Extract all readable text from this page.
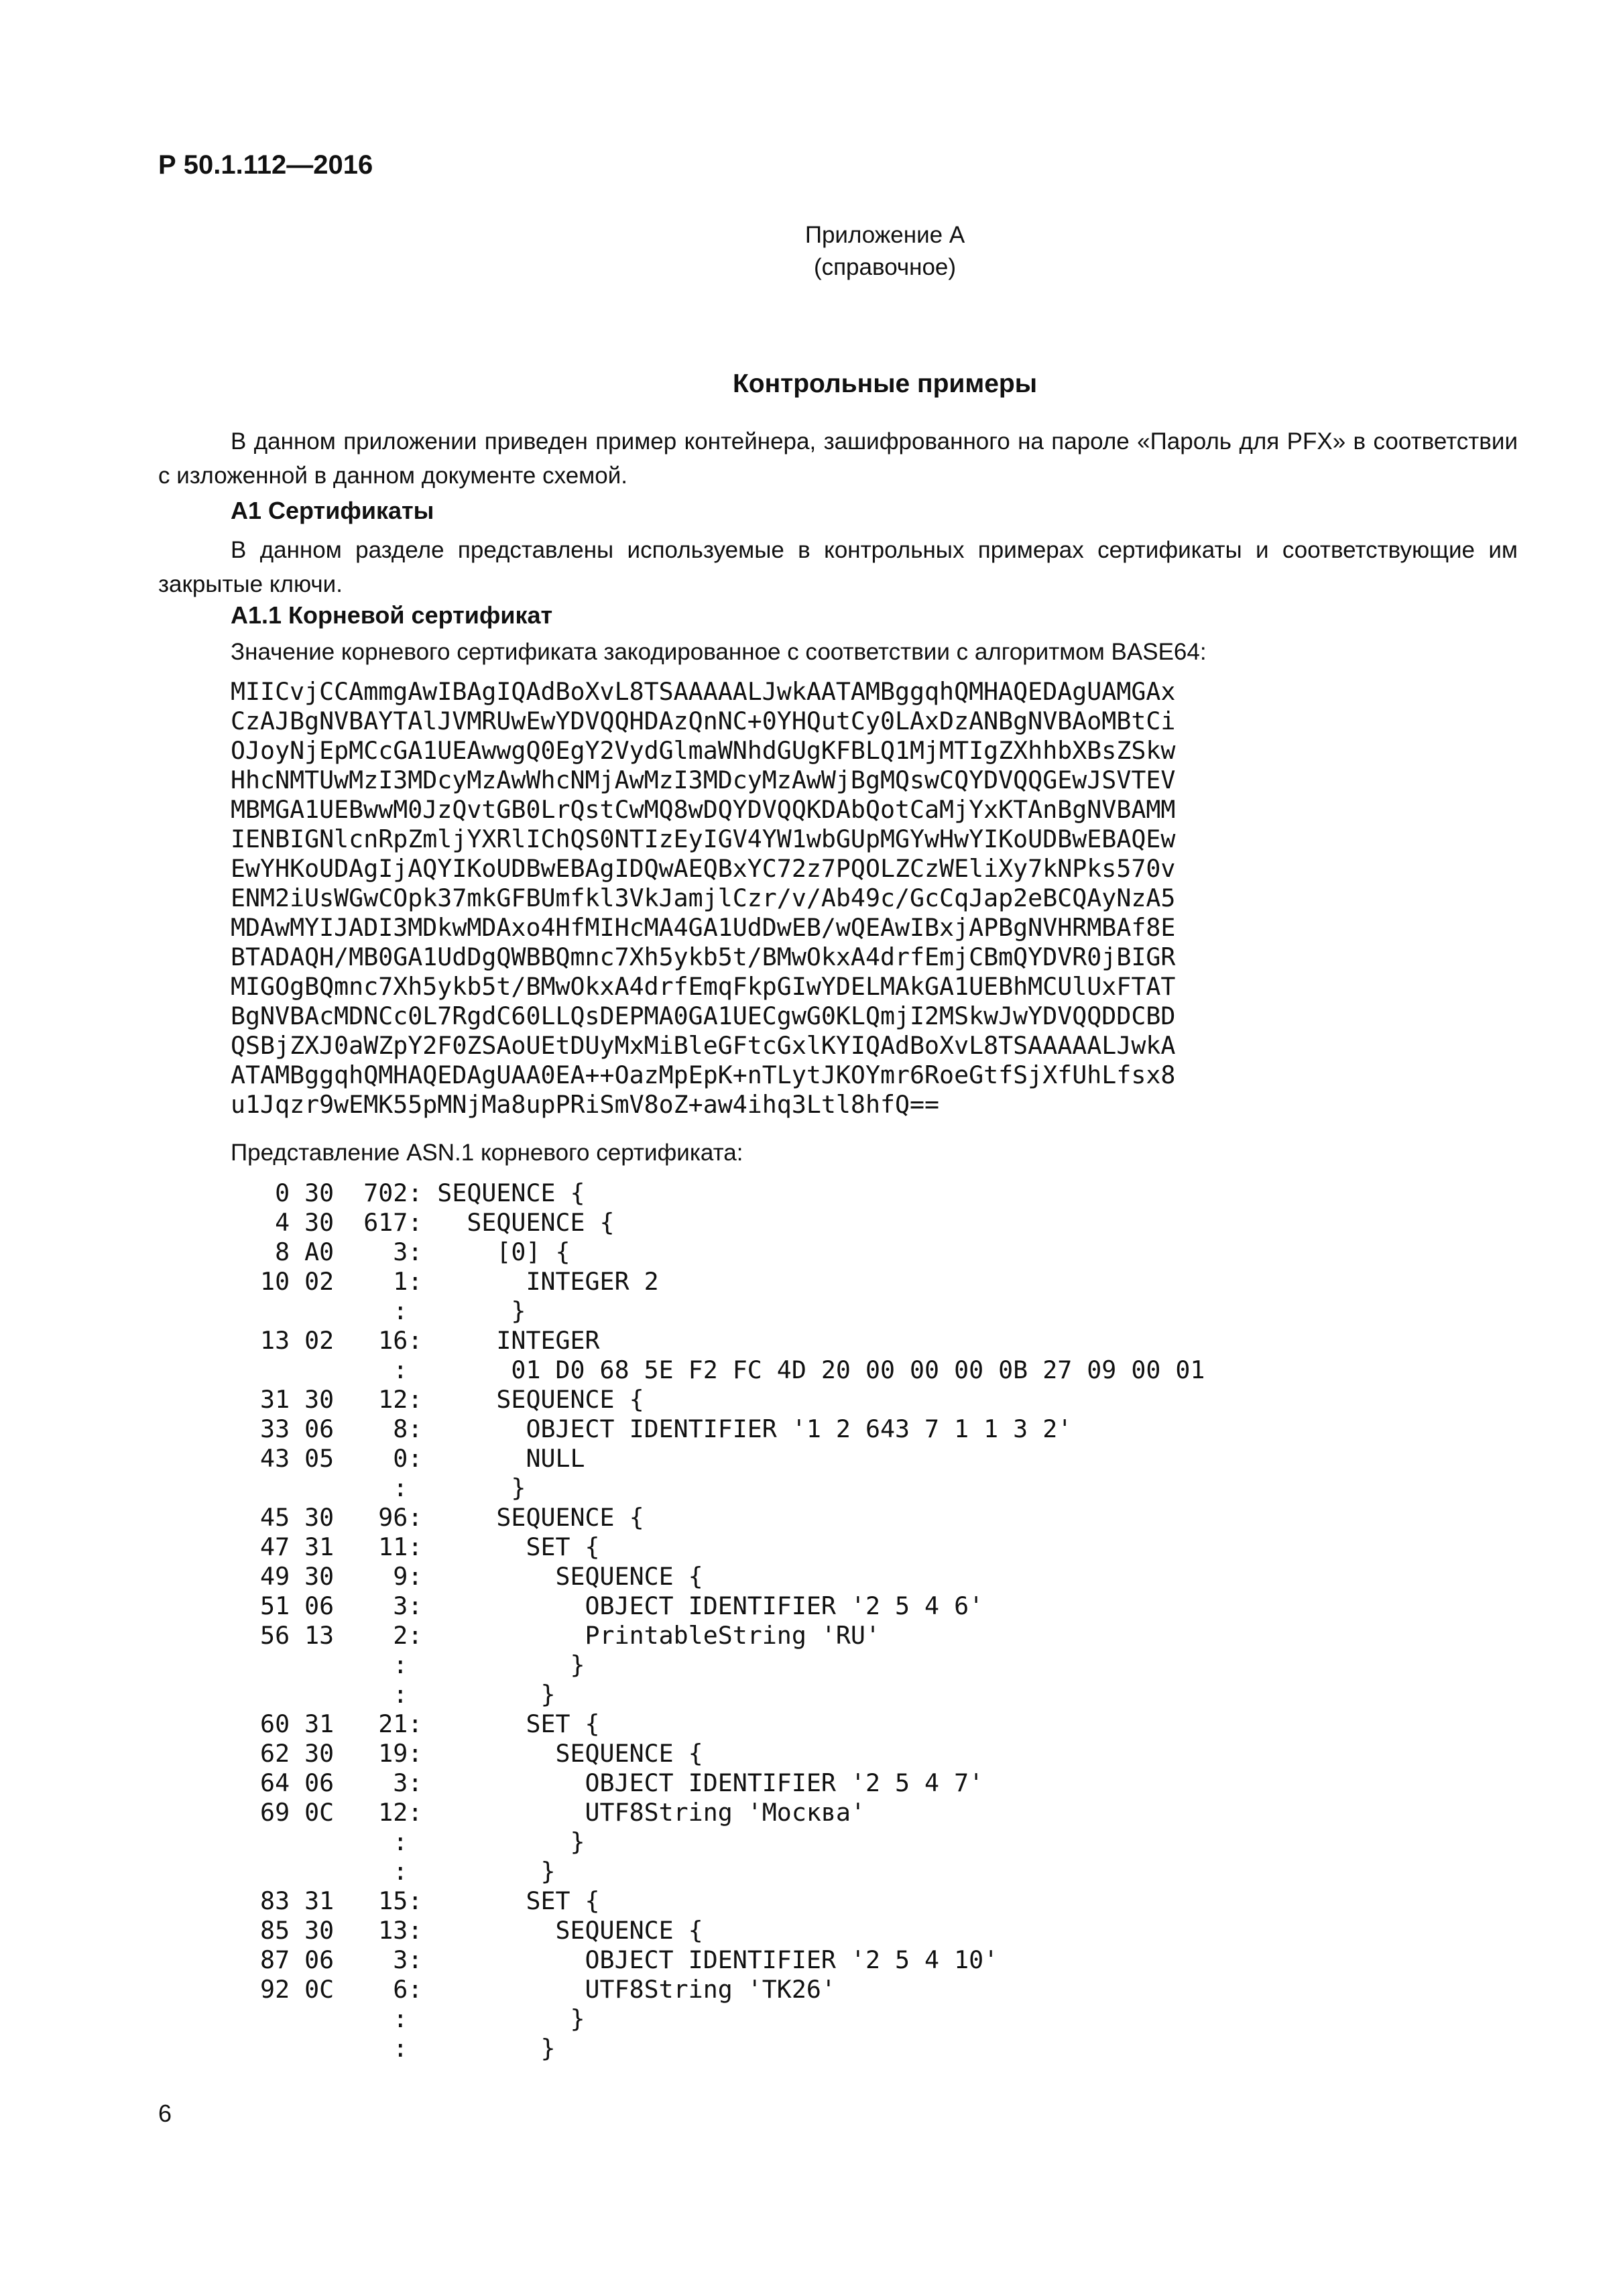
Р 50.1.112—2016

Приложение А

(справочное)

Контрольные примеры

В данном приложении приведен пример контейнера, зашифрованного на пароле «Пароль для PFX» в соответствии с изложенной в данном документе схемой.

А1 Сертификаты

В данном разделе представлены используемые в контрольных примерах сертификаты и соответствующие им закрытые ключи.

А1.1 Корневой сертификат

Значение корневого сертификата закодированное с соответствии с алгоритмом BASE64:

MIICvjCCAmmgAwIBAgIQAdBoXvL8TSAAAAALJwkAATAMBggqhQMHAQEDAgUAMGAx
CzAJBgNVBAYTAlJVMRUwEwYDVQQHDAzQnNC+0YHQutCy0LAxDzANBgNVBAoMBtCi
OJoyNjEpMCcGA1UEAwwgQ0EgY2VydGlmaWNhdGUgKFBLQ1MjMTIgZXhhbXBsZSkw
HhcNMTUwMzI3MDcyMzAwWhcNMjAwMzI3MDcyMzAwWjBgMQswCQYDVQQGEwJSVTEV
MBMGA1UEBwwM0JzQvtGB0LrQstCwMQ8wDQYDVQQKDAbQotCaMjYxKTAnBgNVBAMM
IENBIGNlcnRpZmljYXRlIChQS0NTIzEyIGV4YW1wbGUpMGYwHwYIKoUDBwEBAQEw
EwYHKoUDAgIjAQYIKoUDBwEBAgIDQwAEQBxYC72z7PQOLZCzWEliXy7kNPks570v
ENM2iUsWGwCOpk37mkGFBUmfkl3VkJamjlCzr/v/Ab49c/GcCqJap2eBCQAyNzA5
MDAwMYIJADI3MDkwMDAxo4HfMIHcMA4GA1UdDwEB/wQEAwIBxjAPBgNVHRMBAf8E
BTADAQH/MB0GA1UdDgQWBBQmnc7Xh5ykb5t/BMwOkxA4drfEmjCBmQYDVR0jBIGR
MIGOgBQmnc7Xh5ykb5t/BMwOkxA4drfEmqFkpGIwYDELMAkGA1UEBhMCUlUxFTAT
BgNVBAcMDNCc0L7RgdC60LLQsDEPMA0GA1UECgwG0KLQmjI2MSkwJwYDVQQDDCBD
QSBjZXJ0aWZpY2F0ZSAoUEtDUyMxMiBleGFtcGxlKYIQAdBoXvL8TSAAAAALJwkA
ATAMBggqhQMHAQEDAgUAA0EA++OazMpEpK+nTLytJKOYmr6RoeGtfSjXfUhLfsx8
u1Jqzr9wEMK55pMNjMa8upPRiSmV8oZ+aw4ihq3Ltl8hfQ==

Представление ASN.1 корневого сертификата:

0 30  702: SEQUENCE {
4 30  617:   SEQUENCE {
8 A0    3:     [0] {
10 02    1:       INTEGER 2
:       }
13 02   16:     INTEGER
:       01 D0 68 5E F2 FC 4D 20 00 00 00 0B 27 09 00 01
31 30   12:     SEQUENCE {
33 06    8:       OBJECT IDENTIFIER '1 2 643 7 1 1 3 2'
43 05    0:       NULL
:       }
45 30   96:     SEQUENCE {
47 31   11:       SET {
49 30    9:         SEQUENCE {
51 06    3:           OBJECT IDENTIFIER '2 5 4 6'
56 13    2:           PrintableString 'RU'
:           }
:         }
60 31   21:       SET {
62 30   19:         SEQUENCE {
64 06    3:           OBJECT IDENTIFIER '2 5 4 7'
69 0C   12:           UTF8String 'Москва'
:           }
:         }
83 31   15:       SET {
85 30   13:         SEQUENCE {
87 06    3:           OBJECT IDENTIFIER '2 5 4 10'
92 0C    6:           UTF8String 'ТК26'
:           }
:         }

6
